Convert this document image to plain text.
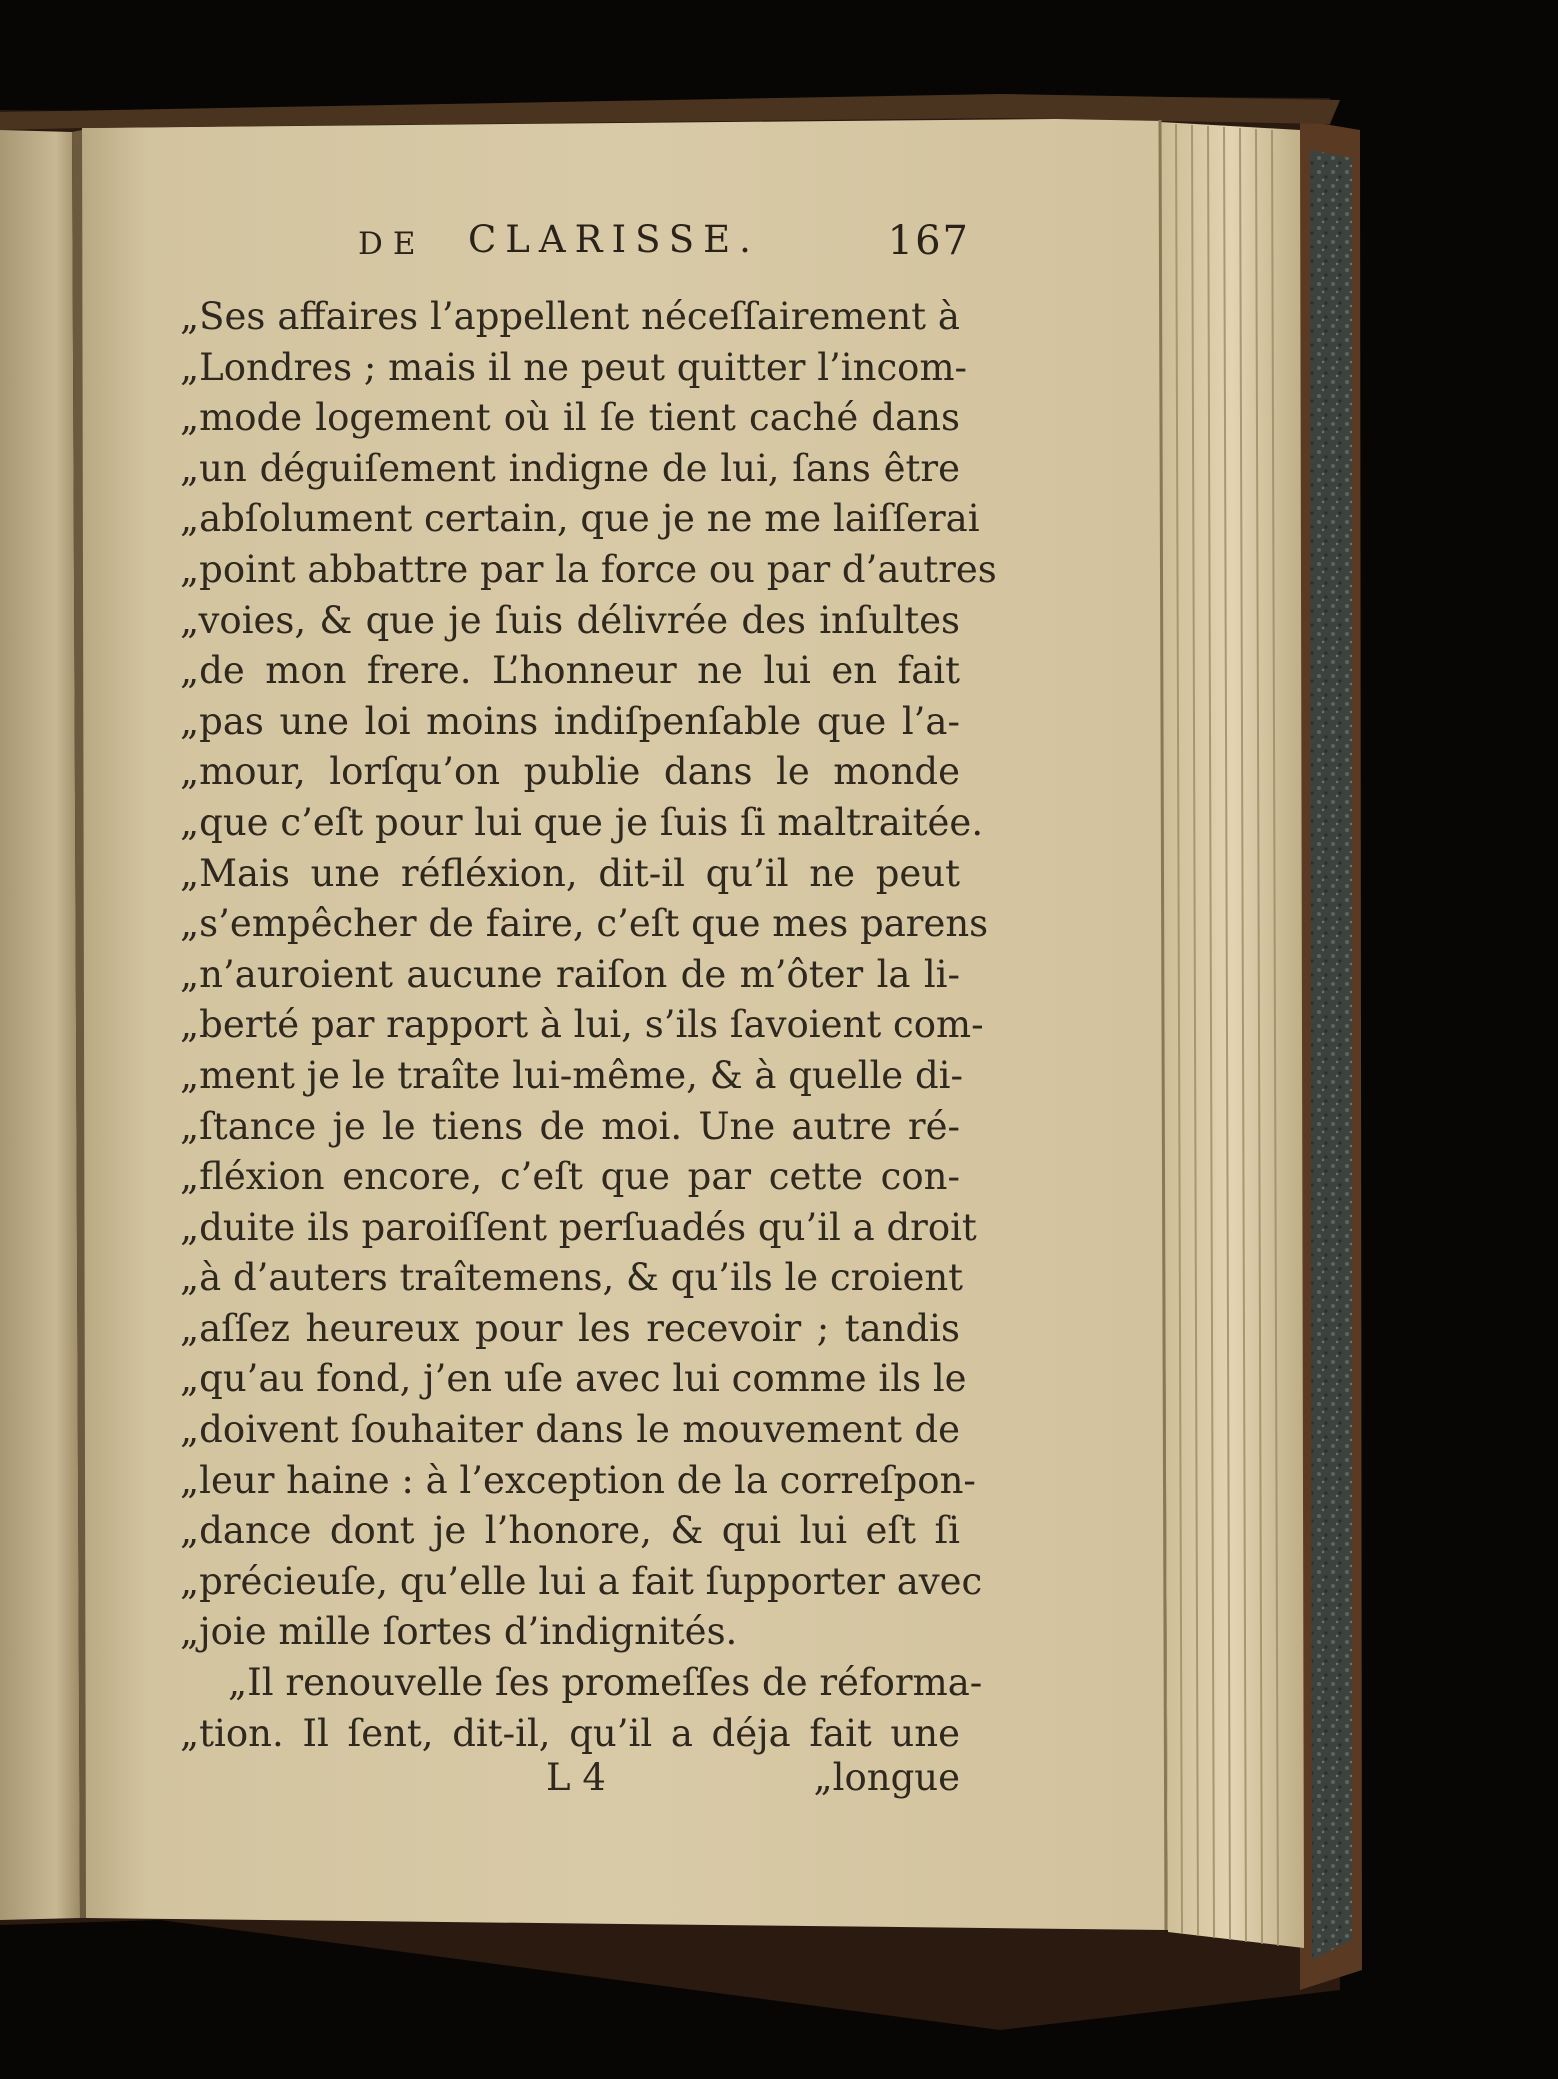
DE CLARISSE.	167
„Ses affaires l’appellent néceſſairement à
„Londres ; mais il ne peut quitter l’incom-
„mode logement où il ſe tient caché dans
„un déguiſement indigne de lui, ſans être
„abſolument certain, que je ne me laiſſerai
„point abbattre par la force ou par d’autres
„voies, & que je ſuis délivrée des inſultes
„de mon frere. L’honneur ne lui en fait
„pas une loi moins indiſpenſable que l’a-
„mour, lorſqu’on publie dans le monde
„que c’eſt pour lui que je ſuis ſi maltraitée.
„Mais une réfléxion, dit-il qu’il ne peut
„s’empêcher de faire, c’eſt que mes parens
„n’auroient aucune raiſon de m’ôter la li-
„berté par rapport à lui, s’ils ſavoient com-
„ment je le traîte lui-même, & à quelle di-
„ſtance je le tiens de moi. Une autre ré-
„fléxion encore, c’eſt que par cette con-
„duite ils paroiſſent perſuadés qu’il a droit
„à d’auters traîtemens, & qu’ils le croient
„aſſez heureux pour les recevoir ; tandis
„qu’au fond, j’en uſe avec lui comme ils le
„doivent ſouhaiter dans le mouvement de
„leur haine : à l’exception de la correſpon-
„dance dont je l’honore, & qui lui eſt ſi
„précieuſe, qu’elle lui a fait ſupporter avec
„joie mille ſortes d’indignités.
„Il renouvelle ſes promeſſes de réforma-
„tion. Il ſent, dit-il, qu’il a déja fait une
L 4	„longue
